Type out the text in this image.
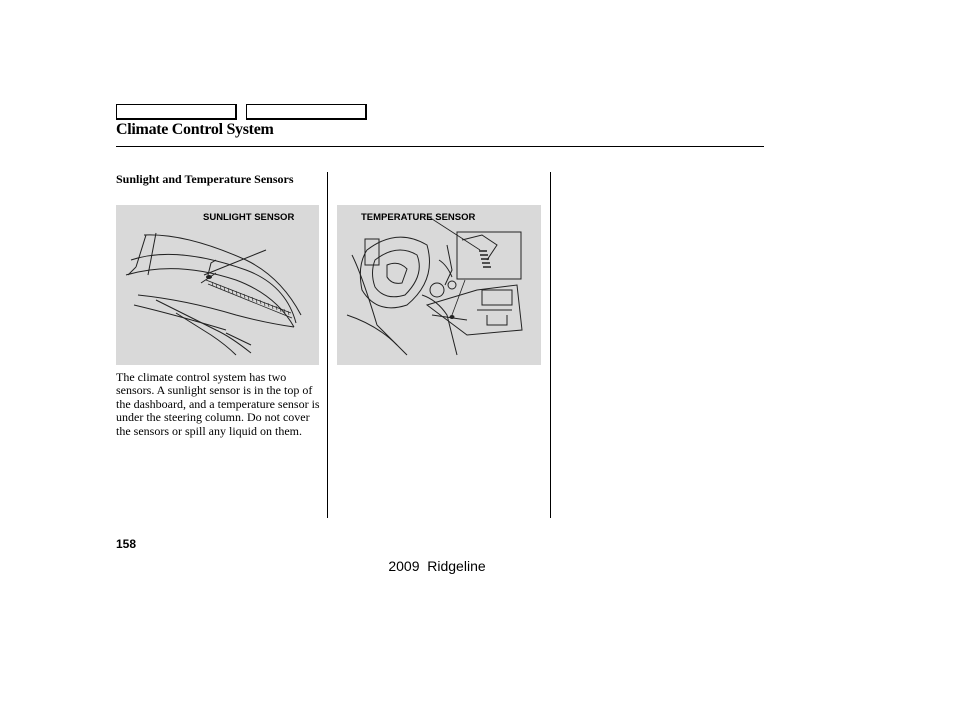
Climate Control System
Sunlight and Temperature Sensors
SUNLIGHT SENSOR	TEMPERATURE SENSOR
The climate control system has two sensors. A sunlight sensor is in the top of the dashboard, and a temperature sensor is under the steering column. Do not cover the sensors or spill any liquid on them.
158
2009  Ridgeline
